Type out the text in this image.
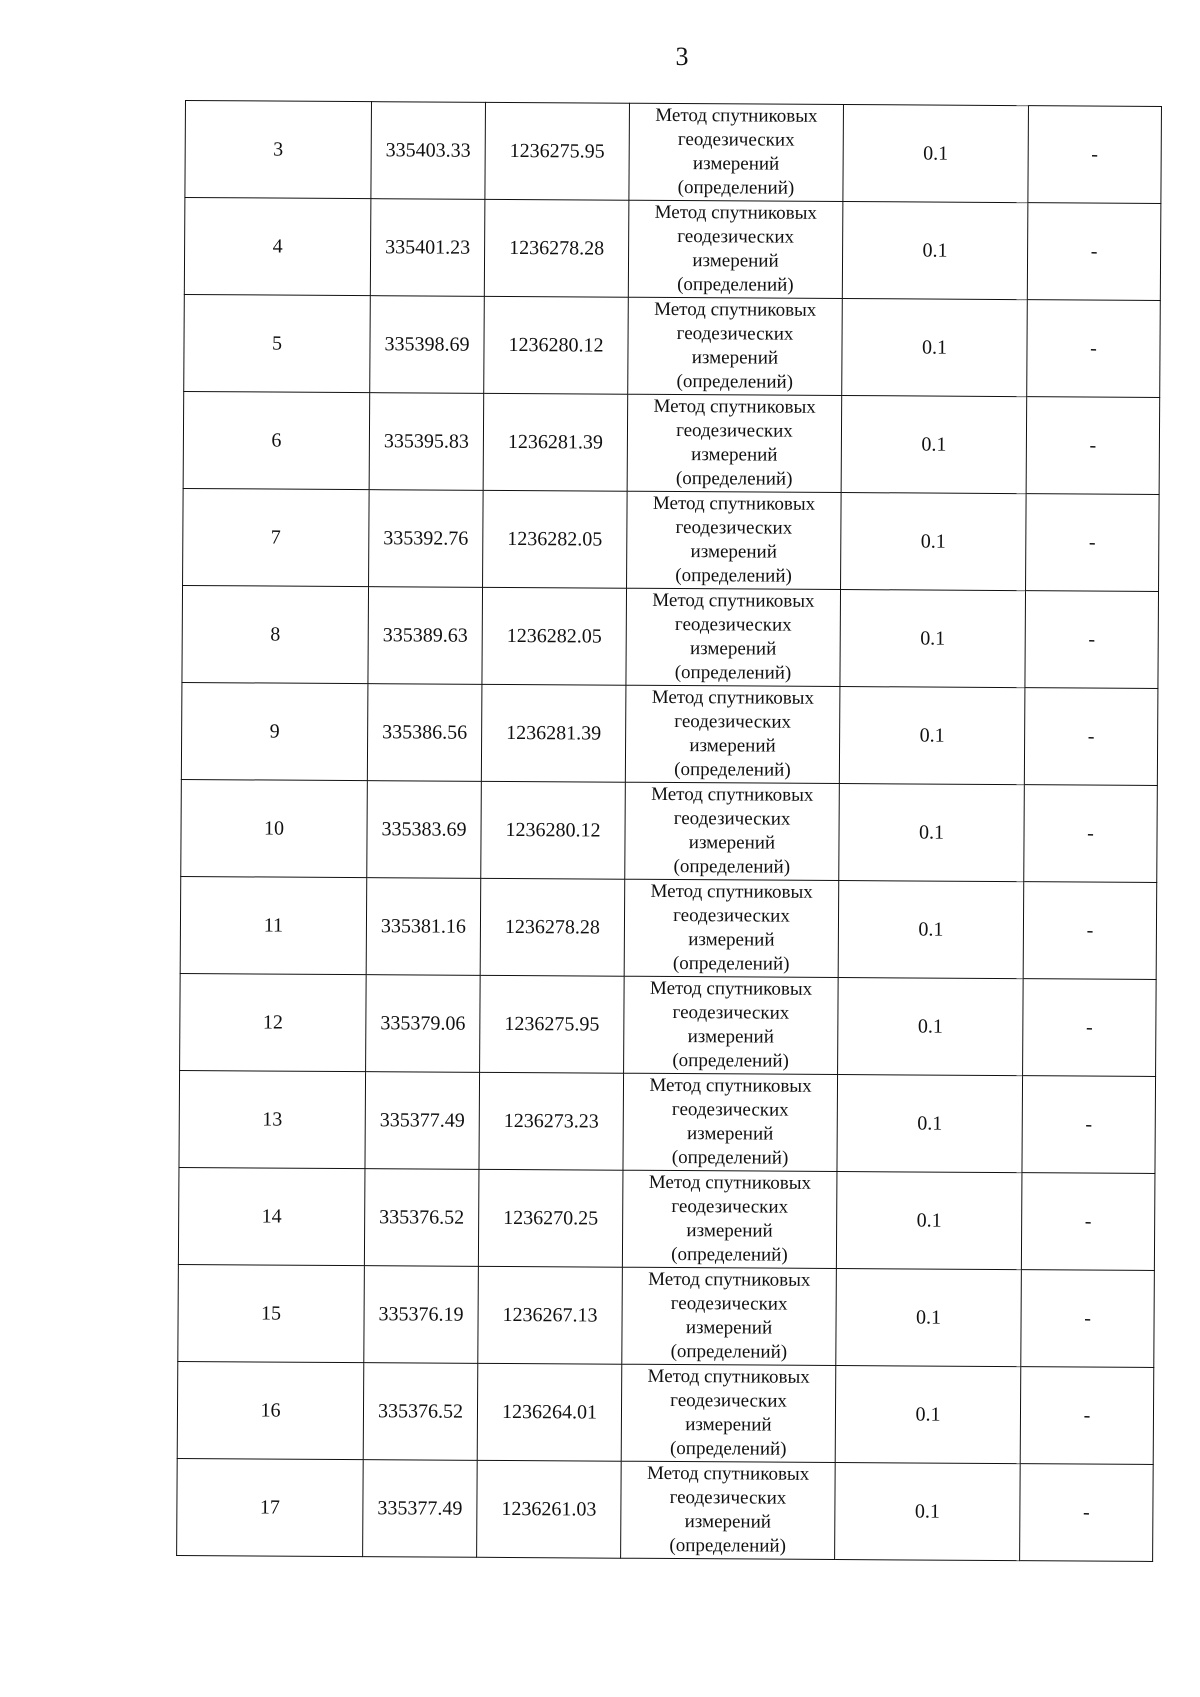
3
3	335403.33	1236275.95	Метод спутниковых
геодезических
измерений
(определений)	0.1	-
4	335401.23	1236278.28	Метод спутниковых
геодезических
измерений
(определений)	0.1	-
5	335398.69	1236280.12	Метод спутниковых
геодезических
измерений
(определений)	0.1	-
6	335395.83	1236281.39	Метод спутниковых
геодезических
измерений
(определений)	0.1	-
7	335392.76	1236282.05	Метод спутниковых
геодезических
измерений
(определений)	0.1	-
8	335389.63	1236282.05	Метод спутниковых
геодезических
измерений
(определений)	0.1	-
9	335386.56	1236281.39	Метод спутниковых
геодезических
измерений
(определений)	0.1	-
10	335383.69	1236280.12	Метод спутниковых
геодезических
измерений
(определений)	0.1	-
11	335381.16	1236278.28	Метод спутниковых
геодезических
измерений
(определений)	0.1	-
12	335379.06	1236275.95	Метод спутниковых
геодезических
измерений
(определений)	0.1	-
13	335377.49	1236273.23	Метод спутниковых
геодезических
измерений
(определений)	0.1	-
14	335376.52	1236270.25	Метод спутниковых
геодезических
измерений
(определений)	0.1	-
15	335376.19	1236267.13	Метод спутниковых
геодезических
измерений
(определений)	0.1	-
16	335376.52	1236264.01	Метод спутниковых
геодезических
измерений
(определений)	0.1	-
17	335377.49	1236261.03	Метод спутниковых
геодезических
измерений
(определений)	0.1	-
